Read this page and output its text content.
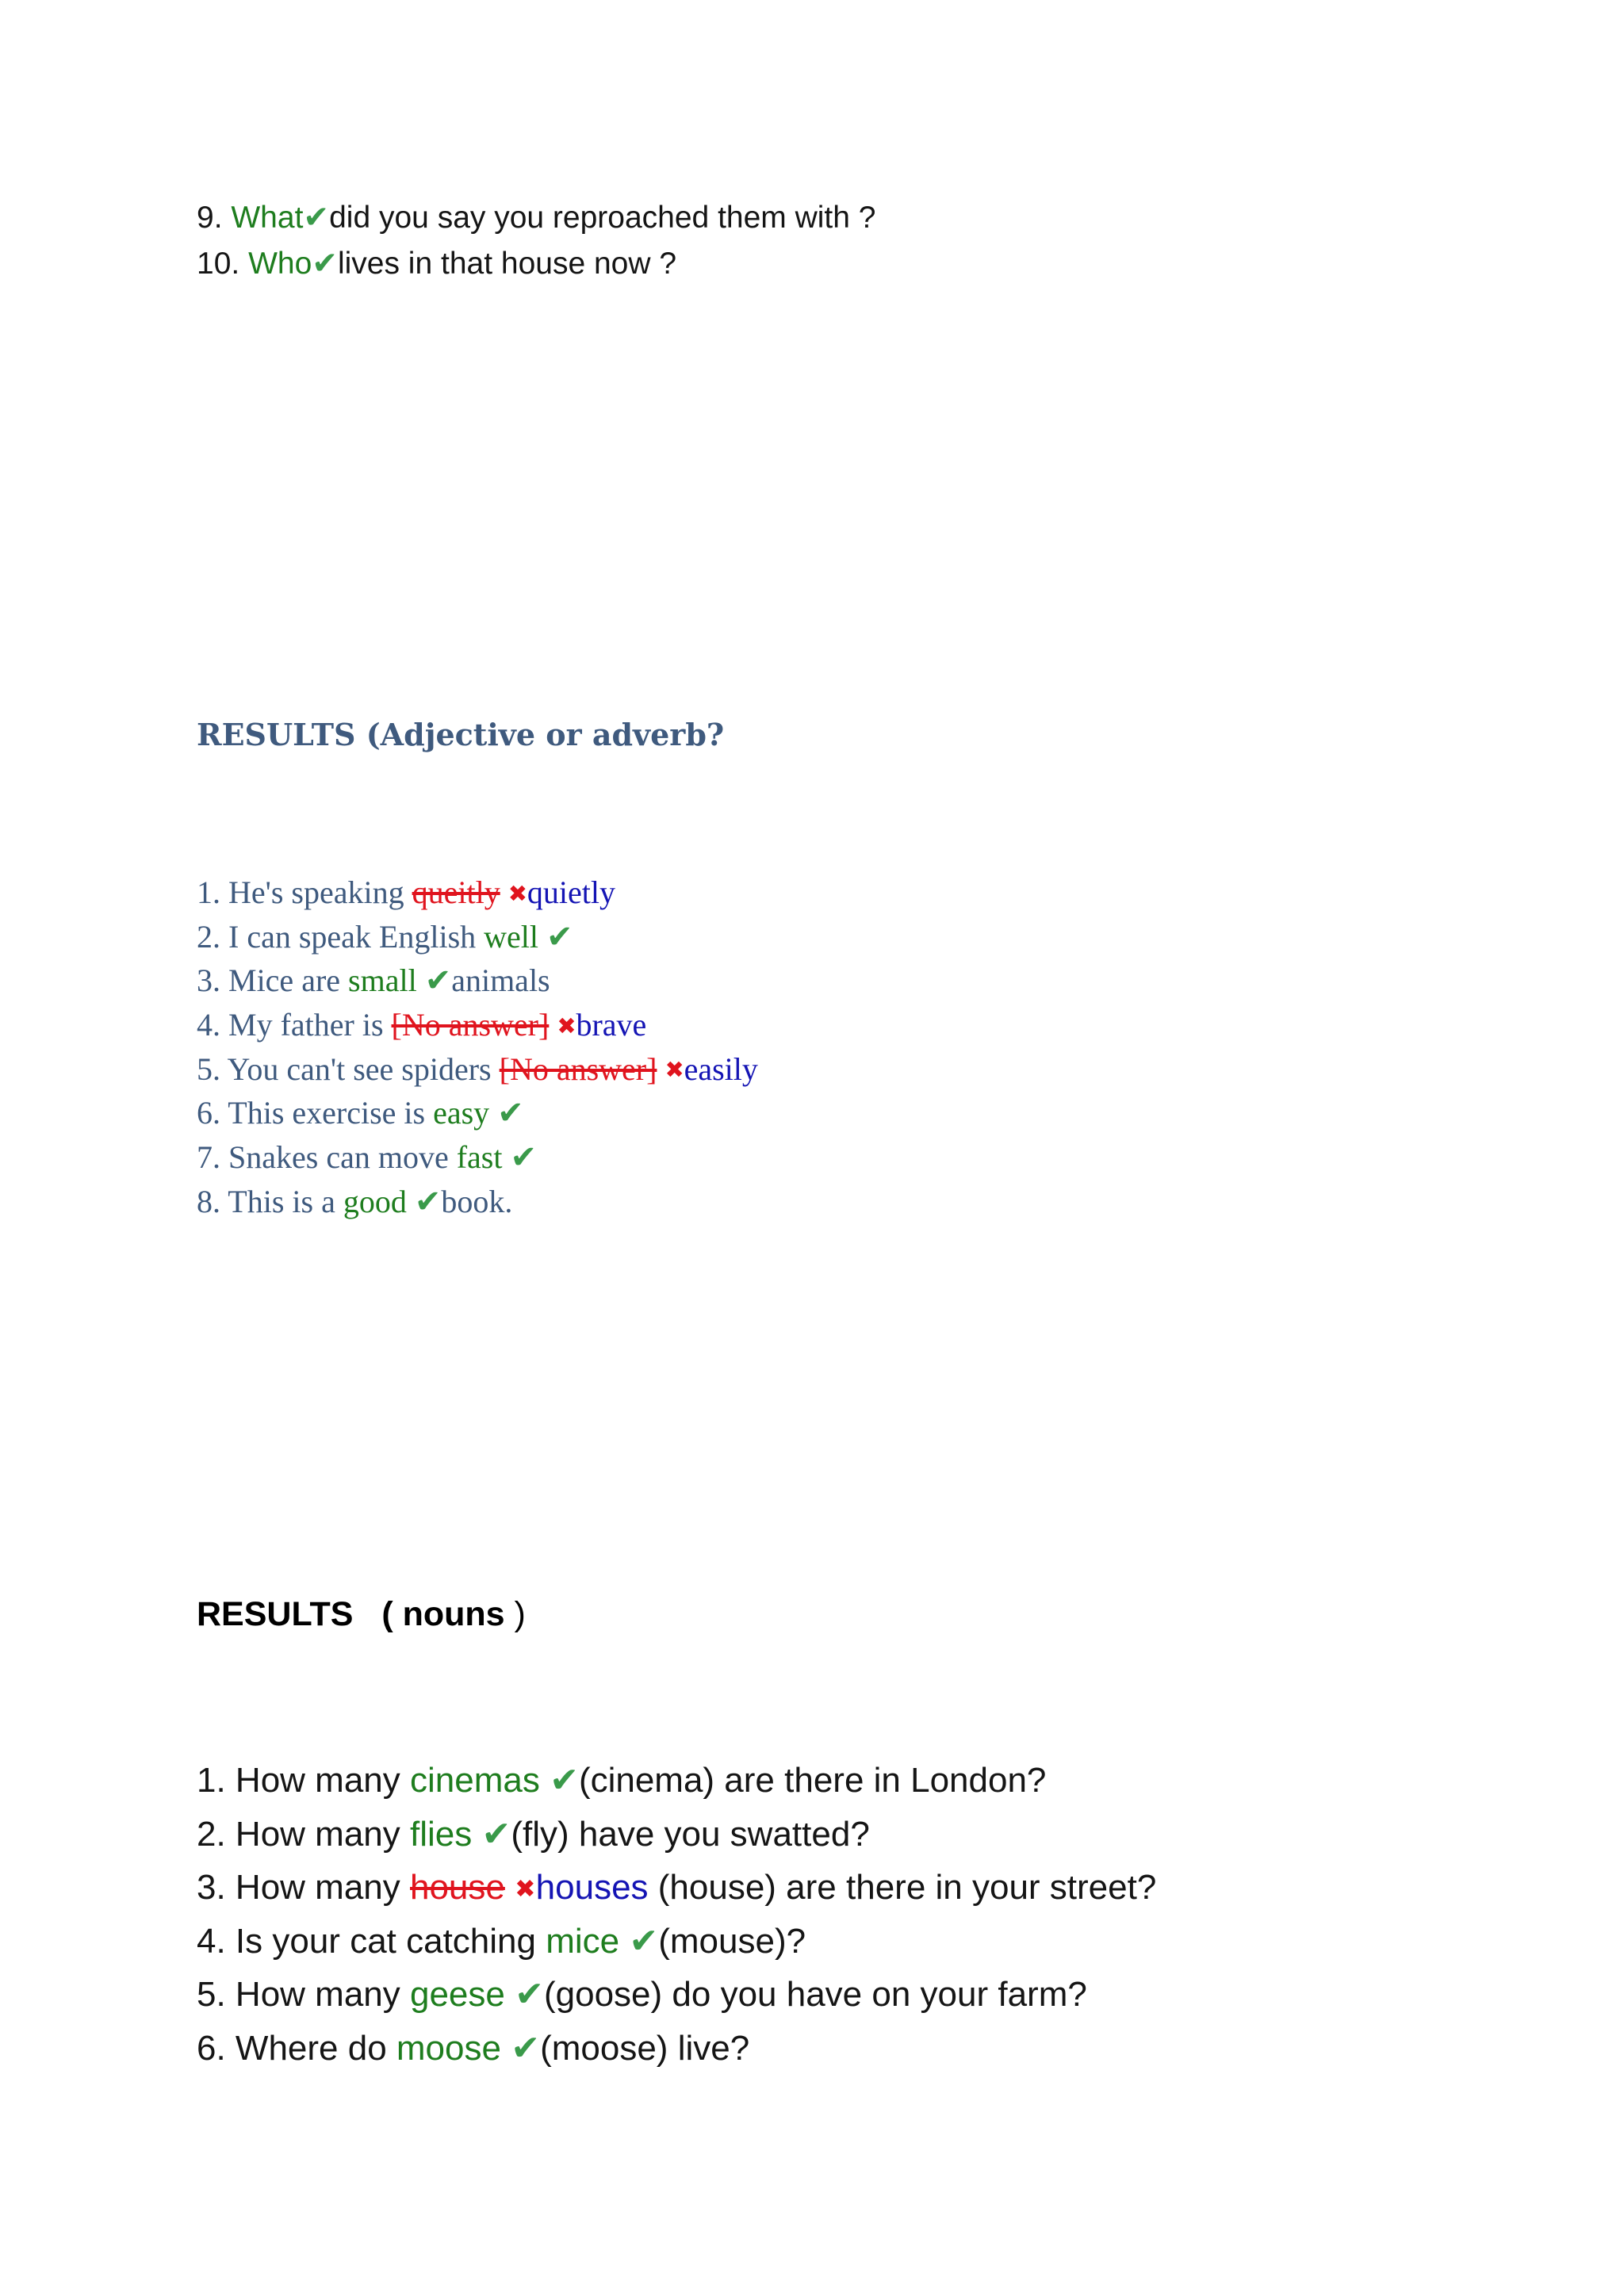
9. What✔did you say you reproached them with ?
10. Who✔lives in that house now ?
RESULTS (Adjective or adverb?
1. He's speaking queitly ✖quietly
2. I can speak English well ✔
3. Mice are small ✔animals
4. My father is [No answer] ✖brave
5. You can't see spiders [No answer] ✖easily
6. This exercise is easy ✔
7. Snakes can move fast ✔
8. This is a good ✔book.
RESULTS   ( nouns )
1. How many cinemas ✔(cinema) are there in London?
2. How many flies ✔(fly) have you swatted?
3. How many house ✖houses (house) are there in your street?
4. Is your cat catching mice ✔(mouse)?
5. How many geese ✔(goose) do you have on your farm?
6. Where do moose ✔(moose) live?
